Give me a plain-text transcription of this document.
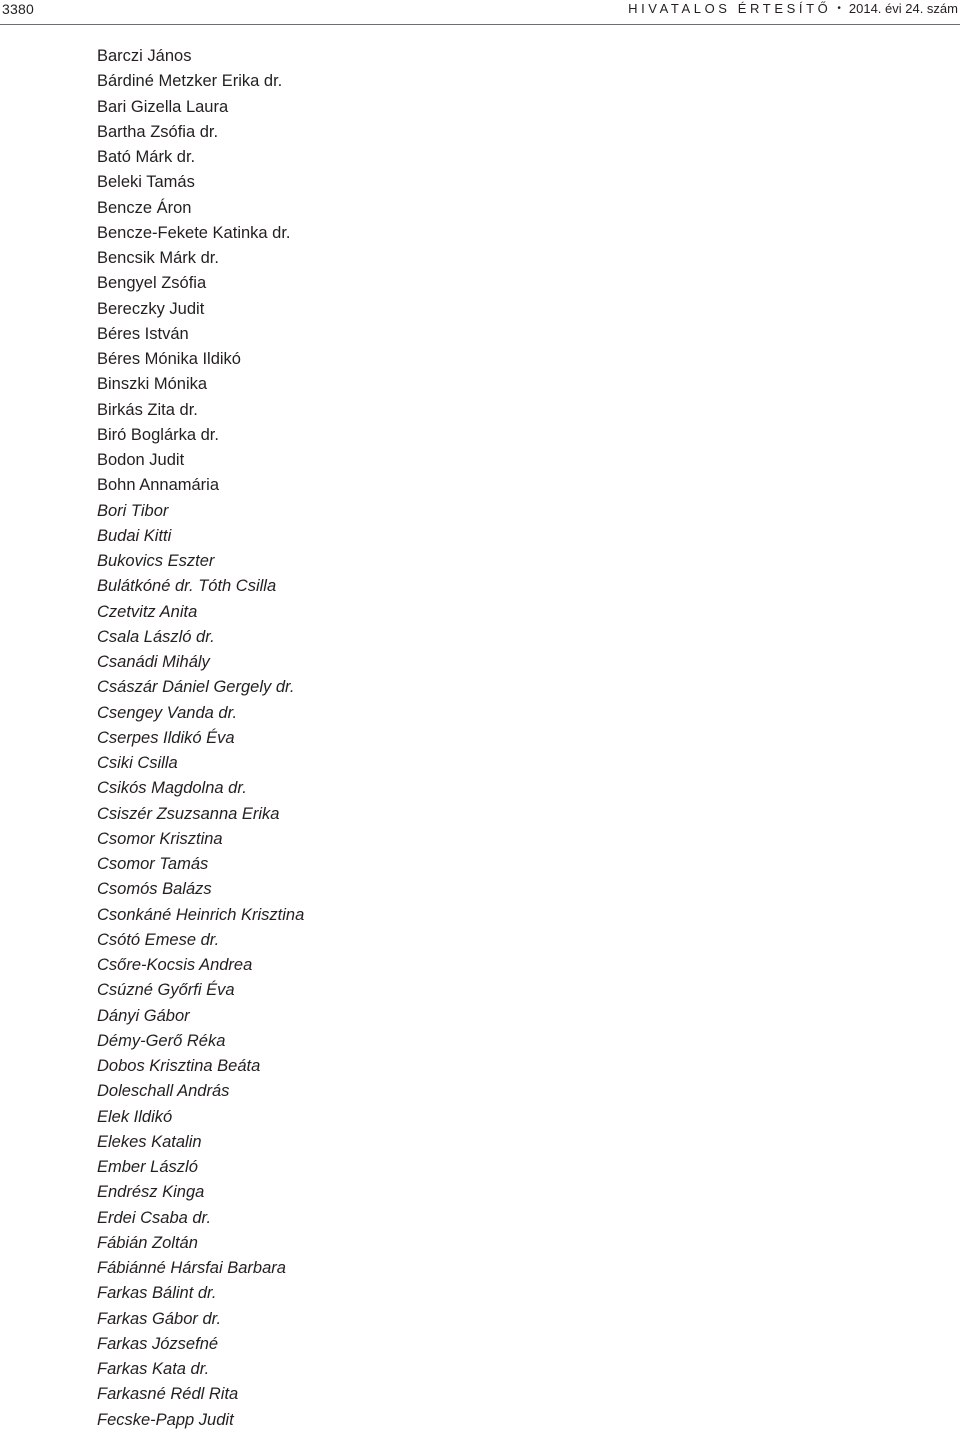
3380	HIVATALOS ÉRTESÍTŐ • 2014. évi 24. szám
Barczi János
Bárdiné Metzker Erika dr.
Bari Gizella Laura
Bartha Zsófia dr.
Bató Márk dr.
Beleki Tamás
Bencze Áron
Bencze-Fekete Katinka dr.
Bencsik Márk dr.
Bengyel Zsófia
Bereczky Judit
Béres István
Béres Mónika Ildikó
Binszki Mónika
Birkás Zita dr.
Biró Boglárka dr.
Bodon Judit
Bohn Annamária
Bori Tibor
Budai Kitti
Bukovics Eszter
Bulátkóné dr. Tóth Csilla
Czetvitz Anita
Csala László dr.
Csanádi Mihály
Császár Dániel Gergely dr.
Csengey Vanda dr.
Cserpes Ildikó Éva
Csiki Csilla
Csikós Magdolna dr.
Csiszér Zsuzsanna Erika
Csomor Krisztina
Csomor Tamás
Csomós Balázs
Csonkáné Heinrich Krisztina
Csótó Emese dr.
Csőre-Kocsis Andrea
Csúzné Győrfi Éva
Dányi Gábor
Démy-Gerő Réka
Dobos Krisztina Beáta
Doleschall András
Elek Ildikó
Elekes Katalin
Ember László
Endrész Kinga
Erdei Csaba dr.
Fábián Zoltán
Fábiánné Hársfai Barbara
Farkas Bálint dr.
Farkas Gábor dr.
Farkas Józsefné
Farkas Kata dr.
Farkasné Rédl Rita
Fecske-Papp Judit
